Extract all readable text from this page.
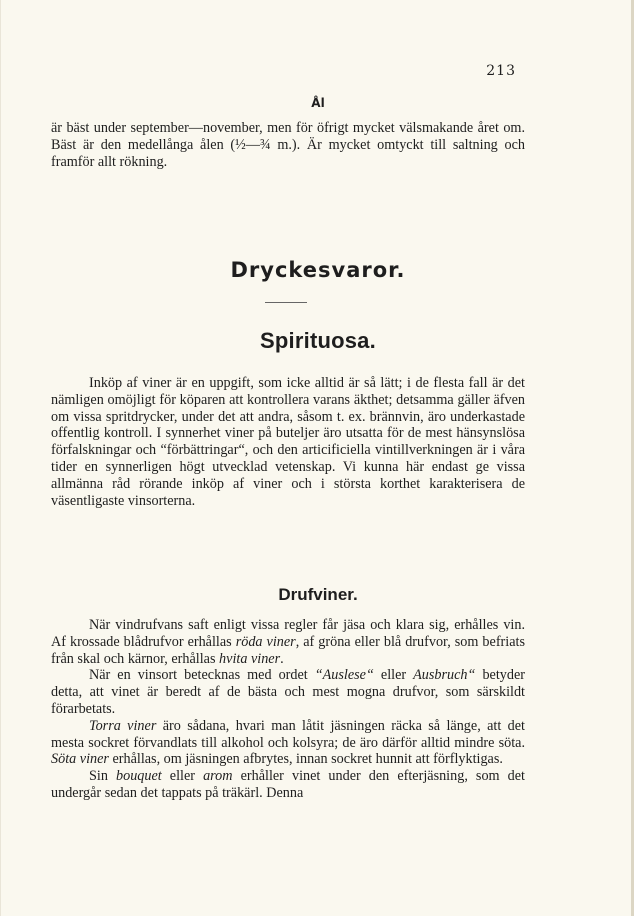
213
Ål

är bäst under september—november, men för öfrigt mycket välsmakande året om. Bäst är den medellånga ålen (½—¾ m.). Är mycket omtyckt till saltning och framför allt rökning.

Dryckesvaror.
Spirituosa.

Inköp af viner är en uppgift, som icke alltid är så lätt; i de flesta fall är det nämligen omöjligt för köparen att kontrollera varans äkthet; detsamma gäller äfven om vissa spritdrycker, under det att andra, såsom t. ex. brännvin, äro underkastade offentlig kontroll. I synnerhet viner på buteljer äro utsatta för de mest hänsynslösa förfalskningar och “förbättringar“, och den articificiella vintillverkningen är i våra tider en synnerligen högt utvecklad vetenskap. Vi kunna här endast ge vissa allmänna råd rörande inköp af viner och i största korthet karakterisera de väsentligaste vinsorterna.

Drufviner.

När vindrufvans saft enligt vissa regler får jäsa och klara sig, erhålles vin. Af krossade blådrufvor erhållas röda viner, af gröna eller blå drufvor, som befriats från skal och kärnor, erhållas hvita viner.

När en vinsort betecknas med ordet “Auslese“ eller Ausbruch“ betyder detta, att vinet är beredt af de bästa och mest mogna drufvor, som särskildt förarbetats.

Torra viner äro sådana, hvari man låtit jäsningen räcka så länge, att det mesta sockret förvandlats till alkohol och kolsyra; de äro därför alltid mindre söta. Söta viner erhållas, om jäsningen afbrytes, innan sockret hunnit att förflyktigas.

Sin bouquet eller arom erhåller vinet under den efterjäsning, som det undergår sedan det tappats på träkärl. Denna
